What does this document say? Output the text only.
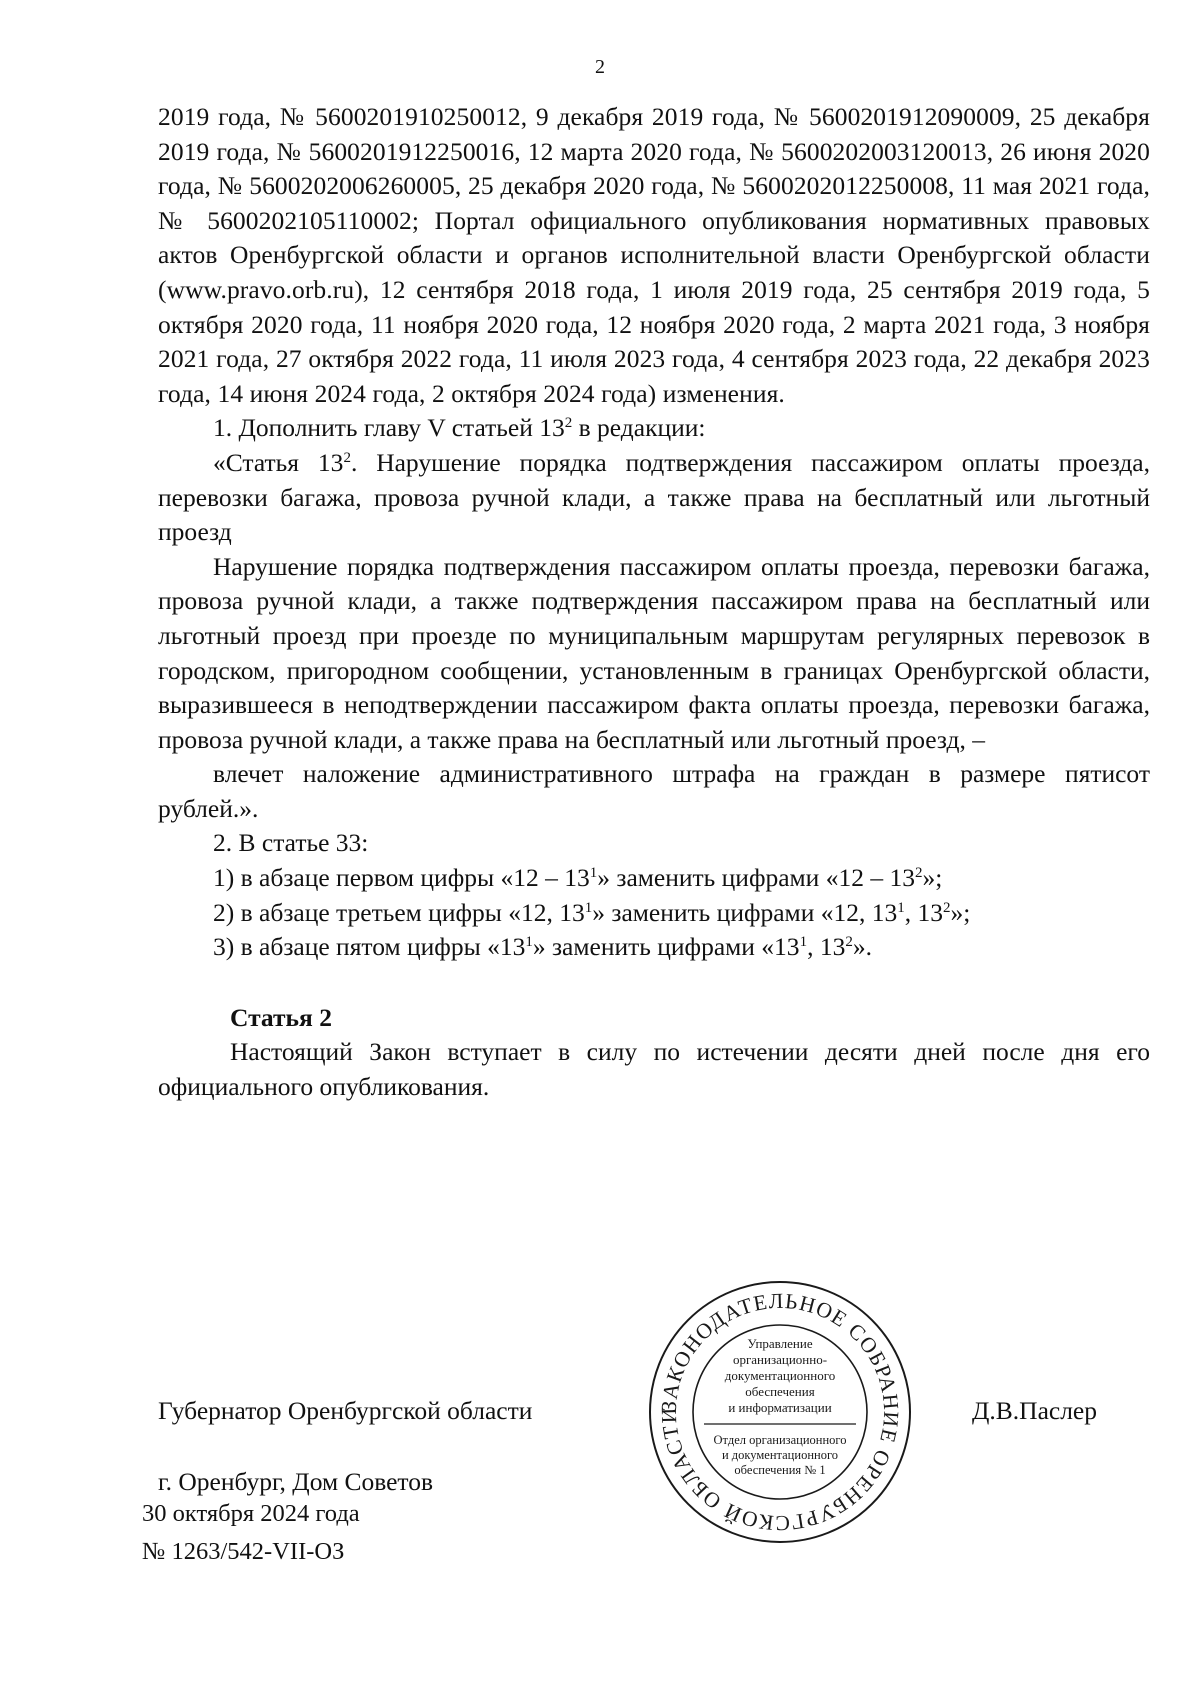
2

2019 года, № 5600201910250012, 9 декабря 2019 года, № 5600201912090009, 25 декабря 2019 года, № 5600201912250016, 12 марта 2020 года, № 5600202003120013, 26 июня 2020 года, № 5600202006260005, 25 декабря 2020 года, № 5600202012250008, 11 мая 2021 года, № 5600202105110002; Портал официального опубликования нормативных правовых актов Оренбургской области и органов исполнительной власти Оренбургской области (www.pravo.orb.ru), 12 сентября 2018 года, 1 июля 2019 года, 25 сентября 2019 года, 5 октября 2020 года, 11 ноября 2020 года, 12 ноября 2020 года, 2 марта 2021 года, 3 ноября 2021 года, 27 октября 2022 года, 11 июля 2023 года, 4 сентября 2023 года, 22 декабря 2023 года, 14 июня 2024 года, 2 октября 2024 года) изменения.

1. Дополнить главу V статьей $13^2$ в редакции:

«Статья $13^2$. Нарушение порядка подтверждения пассажиром оплаты проезда, перевозки багажа, провоза ручной клади, а также права на бесплатный или льготный проезд

Нарушение порядка подтверждения пассажиром оплаты проезда, перевозки багажа, провоза ручной клади, а также подтверждения пассажиром права на бесплатный или льготный проезд при проезде по муниципальным маршрутам регулярных перевозок в городском, пригородном сообщении, установленным в границах Оренбургской области, выразившееся в неподтверждении пассажиром факта оплаты проезда, перевозки багажа, провоза ручной клади, а также права на бесплатный или льготный проезд, –

влечет наложение административного штрафа на граждан в размере пятисот рублей.».

2. В статье 33:

1) в абзаце первом цифры «$12 - 13^1$» заменить цифрами «$12 - 13^2$»;

2) в абзаце третьем цифры «12, $13^1$» заменить цифрами «12, $13^1$, $13^2$»;

3) в абзаце пятом цифры «$13^1$» заменить цифрами «$13^1$, $13^2$».

Статья 2

Настоящий Закон вступает в силу по истечении десяти дней после дня его официального опубликования.

Губернатор Оренбургской области	Д.В.Паслер
г. Оренбург, Дом Советов
30 октября 2024 года
№ 1263/542-VII-ОЗ
ЗАКОНОДАТЕЛЬНОЕ СОБРАНИЕ ОРЕНБУРГСКОЙ ОБЛАСТИ
Управление
организационно-
документационного
обеспечения
и информатизации
Отдел организационного
и документационного
обеспечения № 1
